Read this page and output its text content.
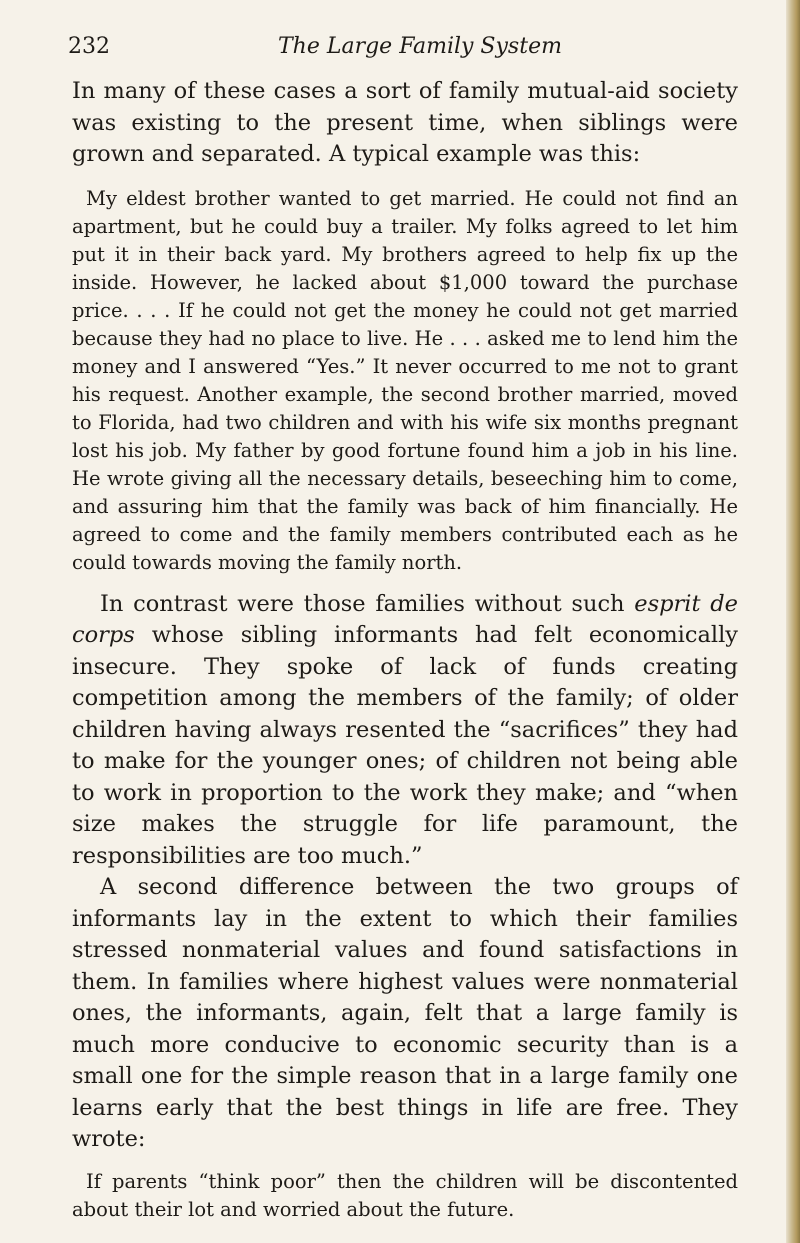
232	The Large Family System

In many of these cases a sort of family mutual-aid society was existing to the present time, when siblings were grown and separated. A typical example was this:

My eldest brother wanted to get married. He could not find an apartment, but he could buy a trailer. My folks agreed to let him put it in their back yard. My brothers agreed to help fix up the inside. However, he lacked about $1,000 toward the purchase price. . . . If he could not get the money he could not get married because they had no place to live. He . . . asked me to lend him the money and I answered “Yes.” It never occurred to me not to grant his request. Another example, the second brother married, moved to Florida, had two children and with his wife six months pregnant lost his job. My father by good fortune found him a job in his line. He wrote giving all the necessary details, beseeching him to come, and assuring him that the family was back of him financially. He agreed to come and the family members contributed each as he could towards moving the family north.

In contrast were those families without such esprit de corps whose sibling informants had felt economically insecure. They spoke of lack of funds creating competition among the members of the family; of older children having always resented the “sacrifices” they had to make for the younger ones; of children not being able to work in proportion to the work they make; and “when size makes the struggle for life paramount, the responsibilities are too much.”

A second difference between the two groups of informants lay in the extent to which their families stressed nonmaterial values and found satisfactions in them. In families where highest values were nonmaterial ones, the informants, again, felt that a large family is much more conducive to economic security than is a small one for the simple reason that in a large family one learns early that the best things in life are free. They wrote:

If parents “think poor” then the children will be discontented about their lot and worried about the future.
